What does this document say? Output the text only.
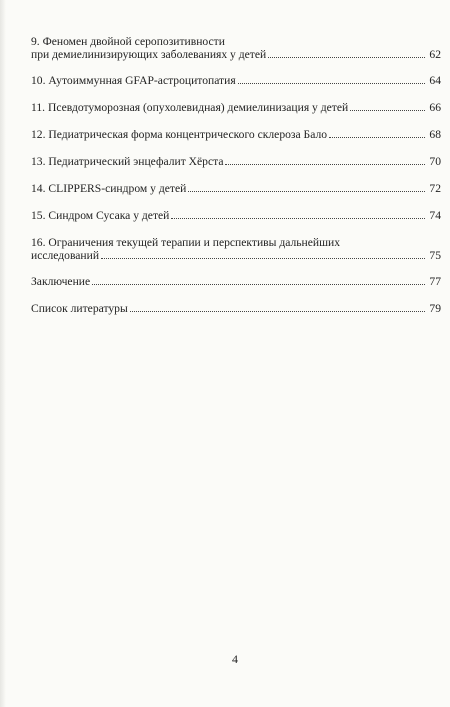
9. Феномен двойной серопозитивности
при демиелинизирующих заболеваниях у детей	62
10. Аутоиммунная GFAP-астроцитопатия	64
11. Псевдотуморозная (опухолевидная) демиелинизация у детей	66
12. Педиатрическая форма концентрического склероза Бало	68
13. Педиатрический энцефалит Хёрста	70
14. CLIPPERS-синдром у детей	72
15. Синдром Сусака у детей	74
16. Ограничения текущей терапии и перспективы дальнейших
исследований	75
Заключение	77
Список литературы	79
4
